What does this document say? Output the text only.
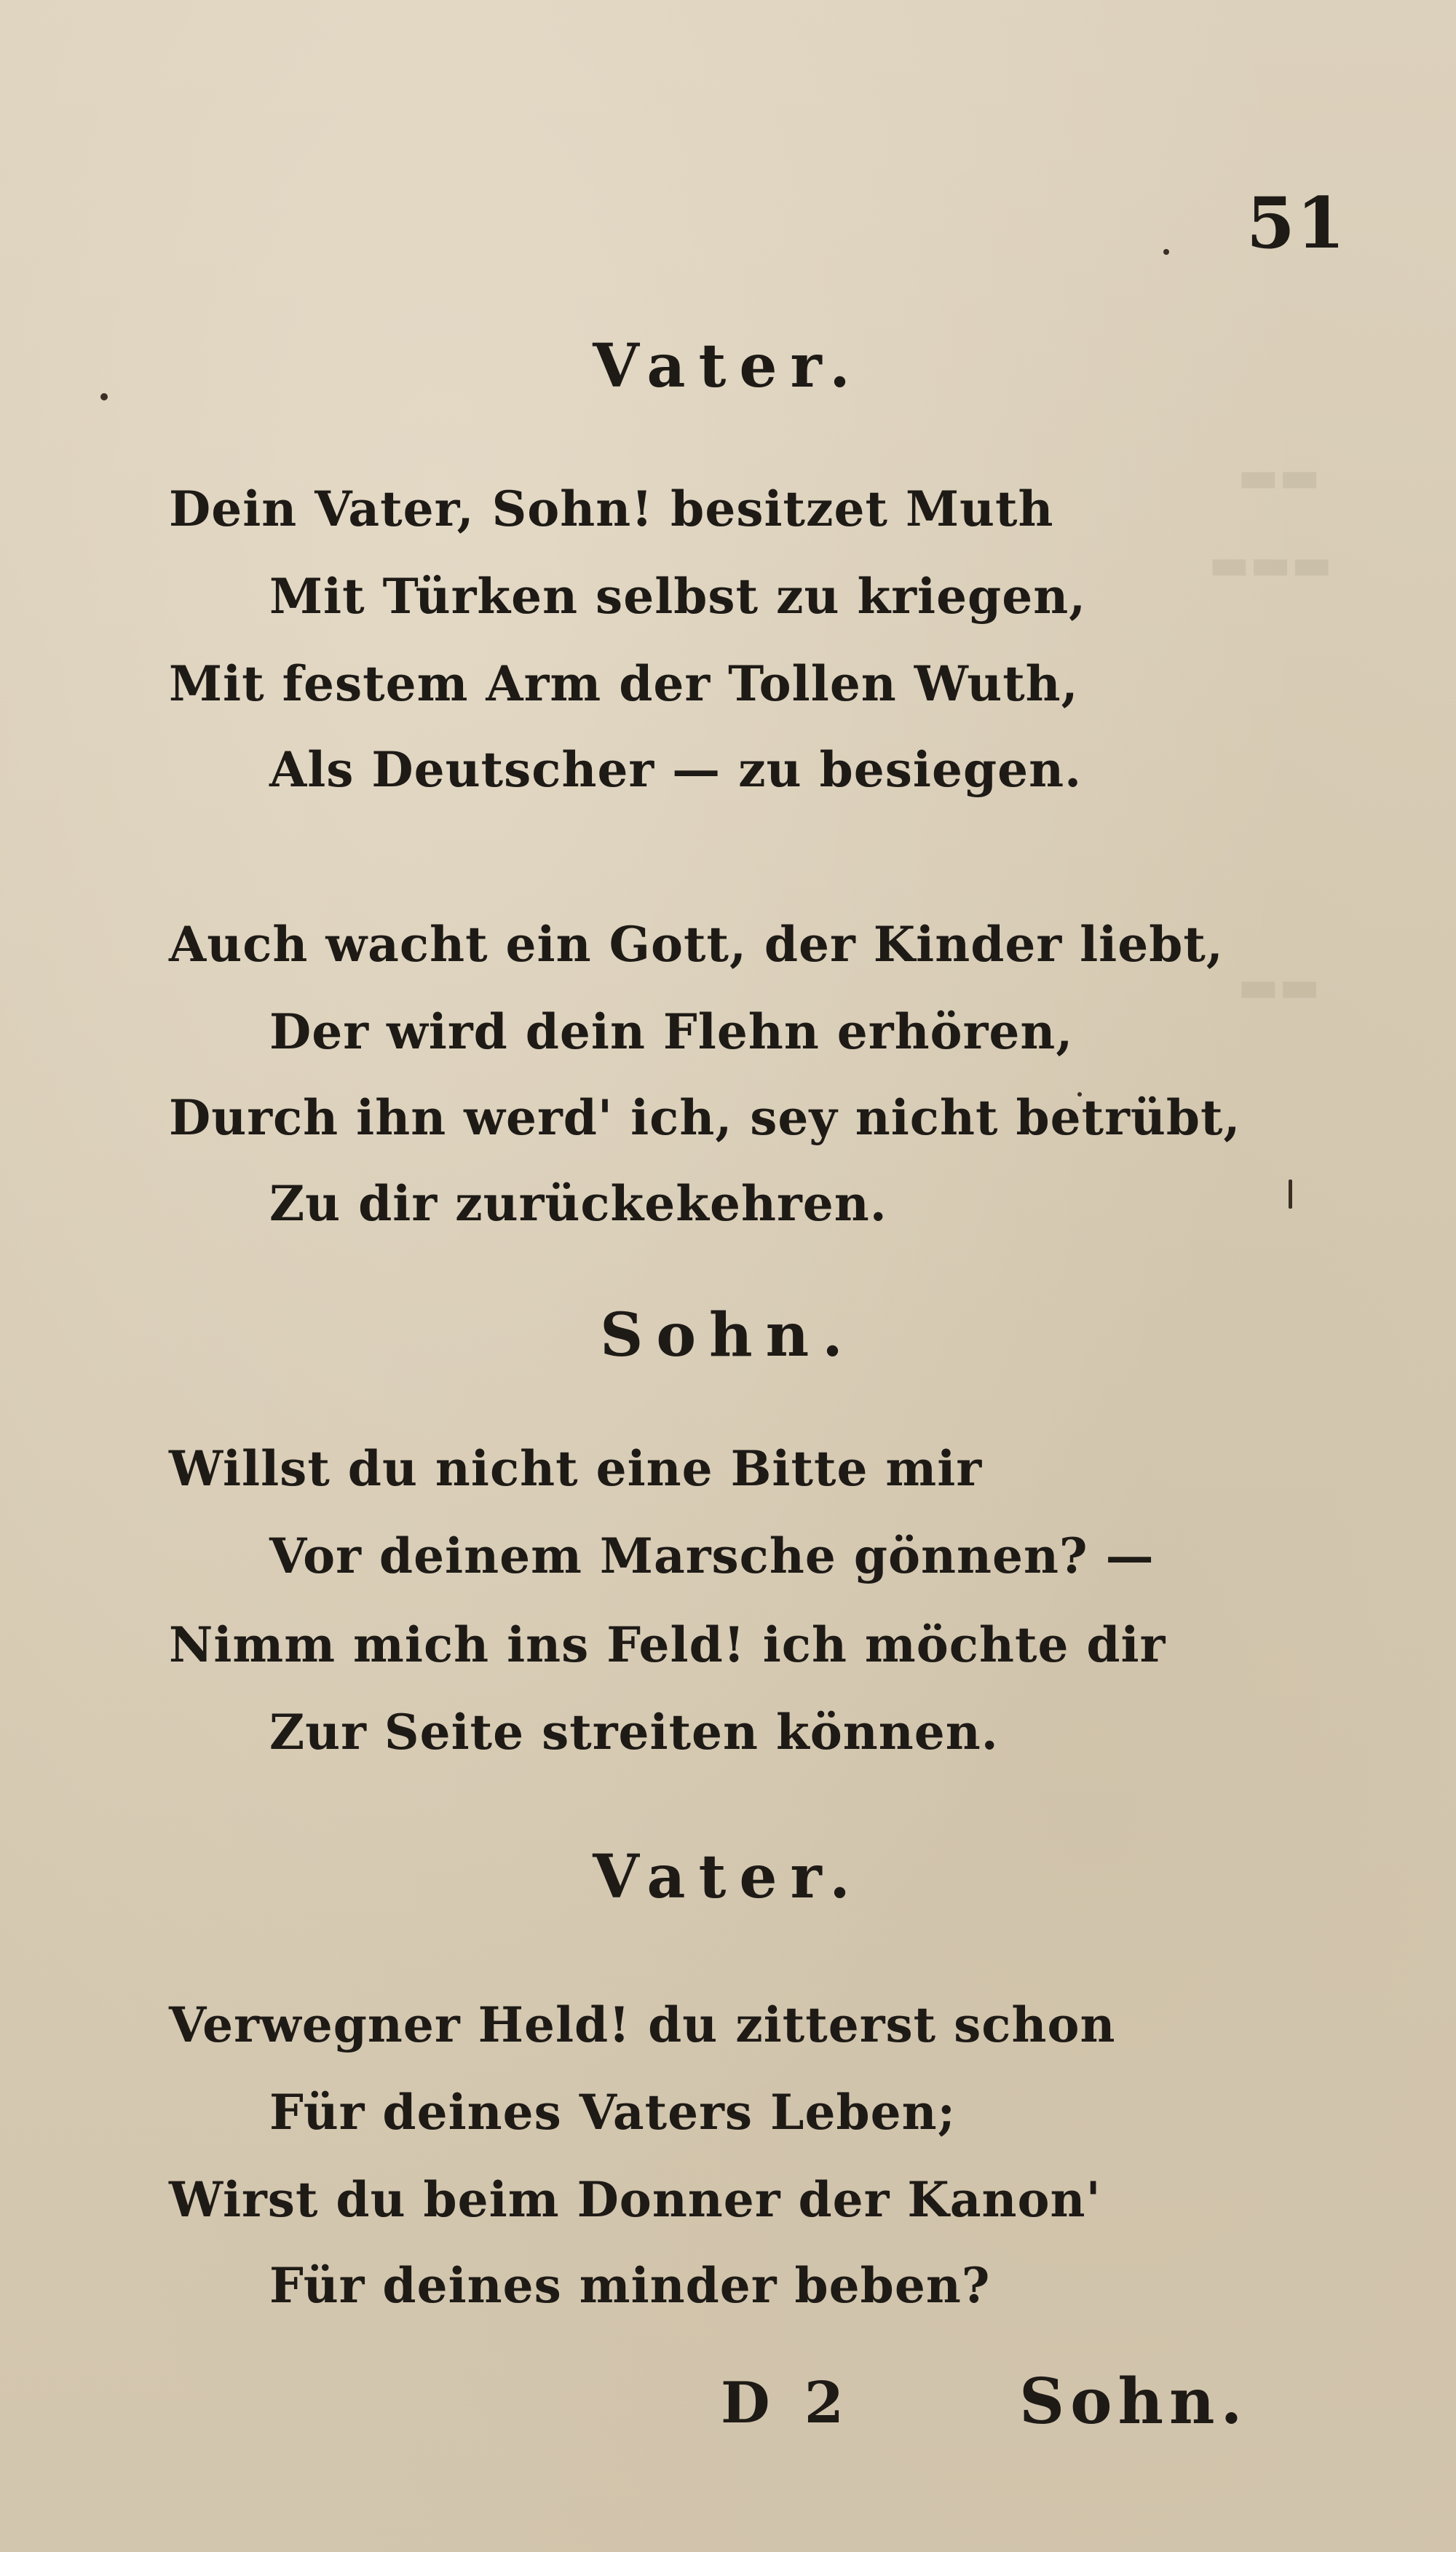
▬▬
▬▬▬
▬▬
51
Vater.
Dein Vater, Sohn! besitzet Muth
Mit Türken selbst zu kriegen,
Mit festem Arm der Tollen Wuth,
Als Deutscher — zu besiegen.
Auch wacht ein Gott, der Kinder liebt,
Der wird dein Flehn erhören,
Durch ihn werd' ich, sey nicht betrübt,
Zu dir zurückekehren.
Sohn.
Willst du nicht eine Bitte mir
Vor deinem Marsche gönnen? —
Nimm mich ins Feld! ich möchte dir
Zur Seite streiten können.
Vater.
Verwegner Held! du zitterst schon
Für deines Vaters Leben;
Wirst du beim Donner der Kanon'
Für deines minder beben?
D 2	Sohn.
